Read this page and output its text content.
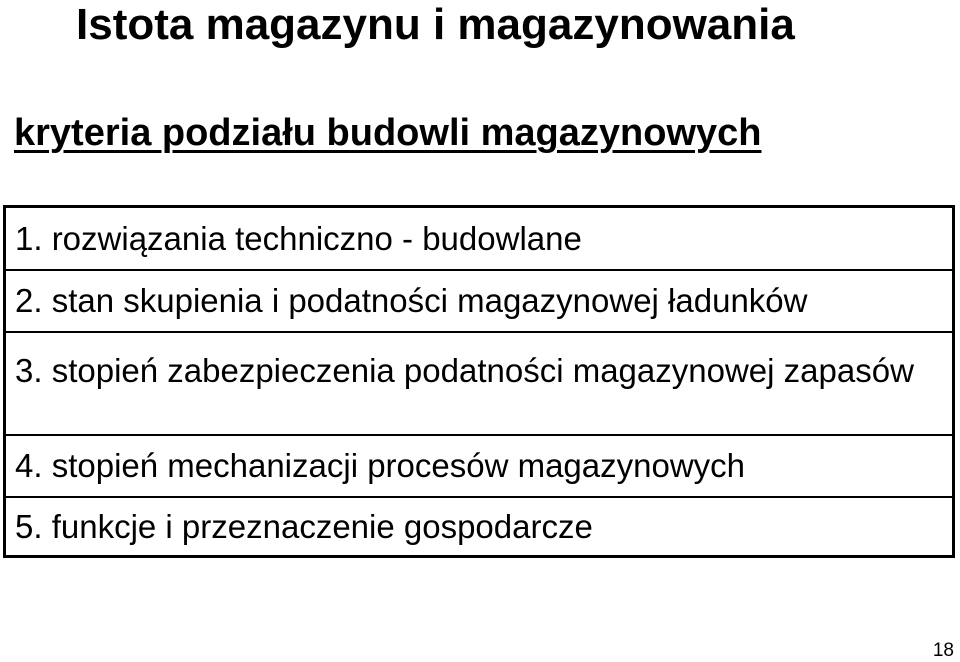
Istota magazynu i magazynowania
kryteria podziału budowli magazynowych
1. rozwiązania techniczno - budowlane
2. stan skupienia i podatności magazynowej ładunków
3. stopień zabezpieczenia podatności magazynowej zapasów
4. stopień mechanizacji procesów magazynowych
5. funkcje i przeznaczenie gospodarcze
18
